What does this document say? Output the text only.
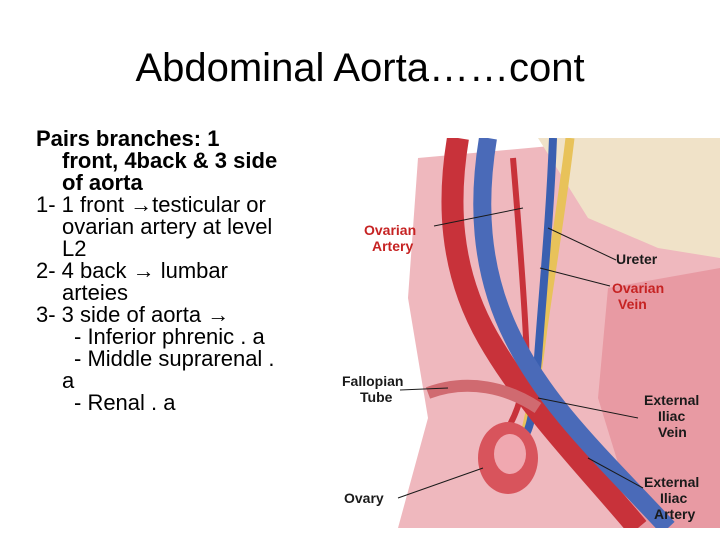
Abdominal Aorta……cont
Pairs branches: 1
front, 4back & 3 side
of aorta
1- 1 front →testicular or
ovarian artery at level
L2
2- 4 back → lumbar
arteies
3- 3 side of aorta →
- Inferior phrenic . a
- Middle suprarenal .
a
- Renal . a
Ovarian
Artery
Ureter
Ovarian
Vein
Fallopian
Tube	External
Iliac
Vein
Ovary
External
Iliac
Artery
